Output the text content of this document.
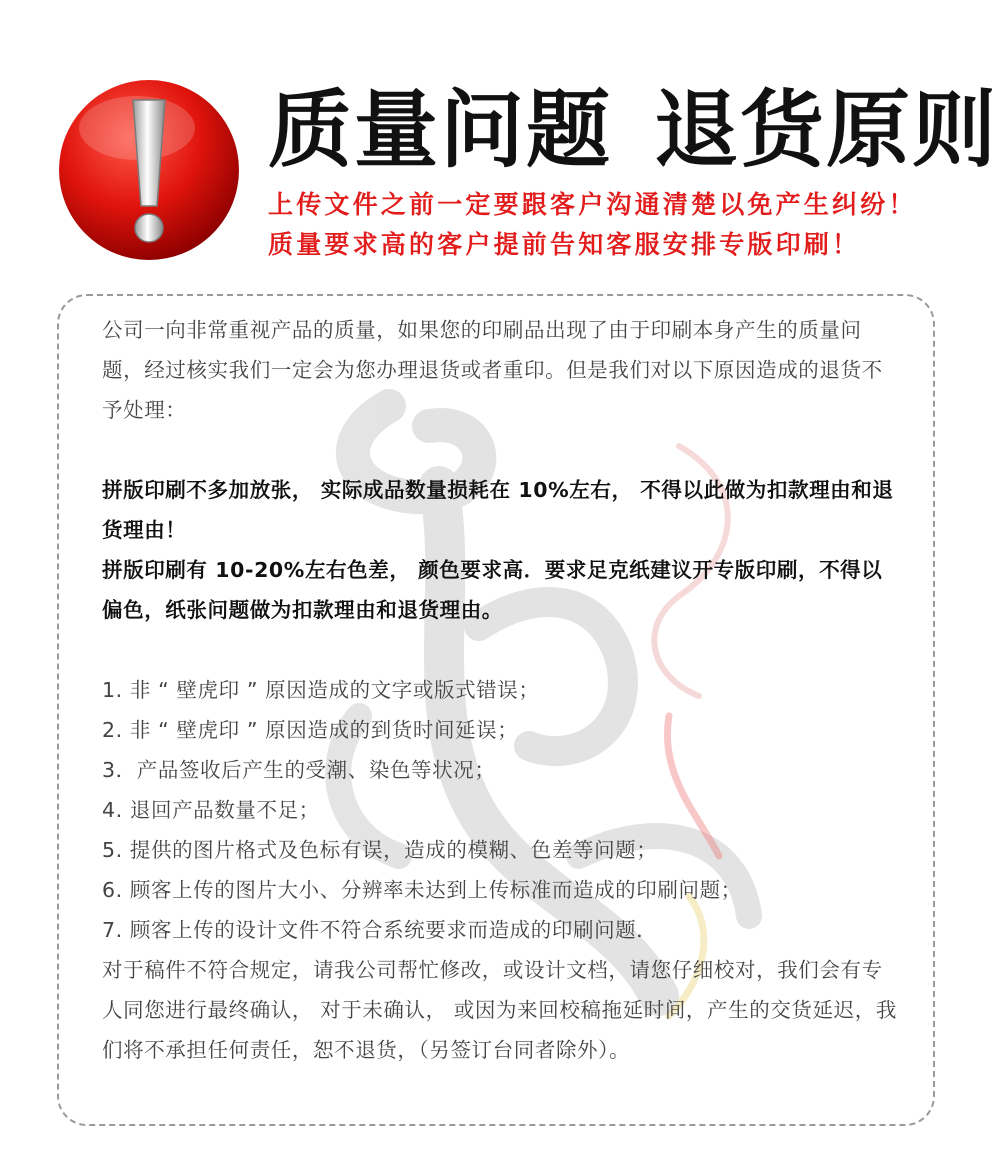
质量问题 退货原则

上传文件之前一定要跟客户沟通清楚以免产生纠纷！

质量要求高的客户提前告知客服安排专版印刷！

公司一向非常重视产品的质量，如果您的印刷品出现了由于印刷本身产生的质量问题，经过核实我们一定会为您办理退货或者重印。但是我们对以下原因造成的退货不予处理：

拼版印刷不多加放张， 实际成品数量损耗在 10%左右， 不得以此做为扣款理由和退货理由！

拼版印刷有 10-20%左右色差， 颜色要求高．要求足克纸建议开专版印刷，不得以偏色，纸张问题做为扣款理由和退货理由。

1. 非 “ 壁虎印 ” 原因造成的文字或版式错误；

2. 非 “ 壁虎印 ” 原因造成的到货时间延误；

3．产品签收后产生的受潮、染色等状况；

4. 退回产品数量不足；

5. 提供的图片格式及色标有误，造成的模糊、色差等问题；

6. 顾客上传的图片大小、分辨率未达到上传标准而造成的印刷问题；

7. 顾客上传的设计文件不符合系统要求而造成的印刷问题．

对于稿件不符合规定，请我公司帮忙修改，或设计文档，请您仔细校对，我们会有专人同您进行最终确认， 对于未确认， 或因为来回校稿拖延时间，产生的交货延迟，我们将不承担任何责任，恕不退货，（另签订台同者除外）。
